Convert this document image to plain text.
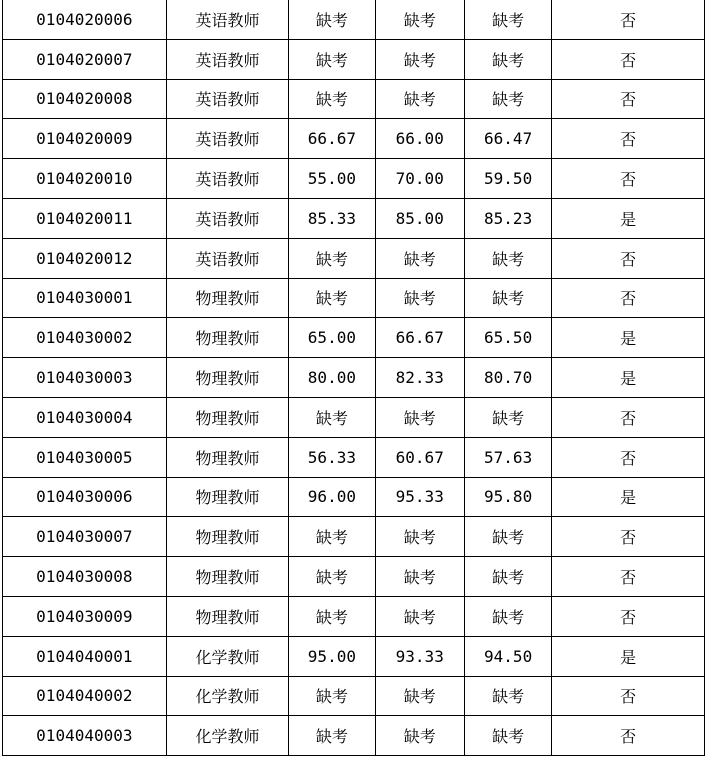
0104020006	英语教师	缺考	缺考	缺考	否
0104020007	英语教师	缺考	缺考	缺考	否
0104020008	英语教师	缺考	缺考	缺考	否
0104020009	英语教师	66.67	66.00	66.47	否
0104020010	英语教师	55.00	70.00	59.50	否
0104020011	英语教师	85.33	85.00	85.23	是
0104020012	英语教师	缺考	缺考	缺考	否
0104030001	物理教师	缺考	缺考	缺考	否
0104030002	物理教师	65.00	66.67	65.50	是
0104030003	物理教师	80.00	82.33	80.70	是
0104030004	物理教师	缺考	缺考	缺考	否
0104030005	物理教师	56.33	60.67	57.63	否
0104030006	物理教师	96.00	95.33	95.80	是
0104030007	物理教师	缺考	缺考	缺考	否
0104030008	物理教师	缺考	缺考	缺考	否
0104030009	物理教师	缺考	缺考	缺考	否
0104040001	化学教师	95.00	93.33	94.50	是
0104040002	化学教师	缺考	缺考	缺考	否
0104040003	化学教师	缺考	缺考	缺考	否
